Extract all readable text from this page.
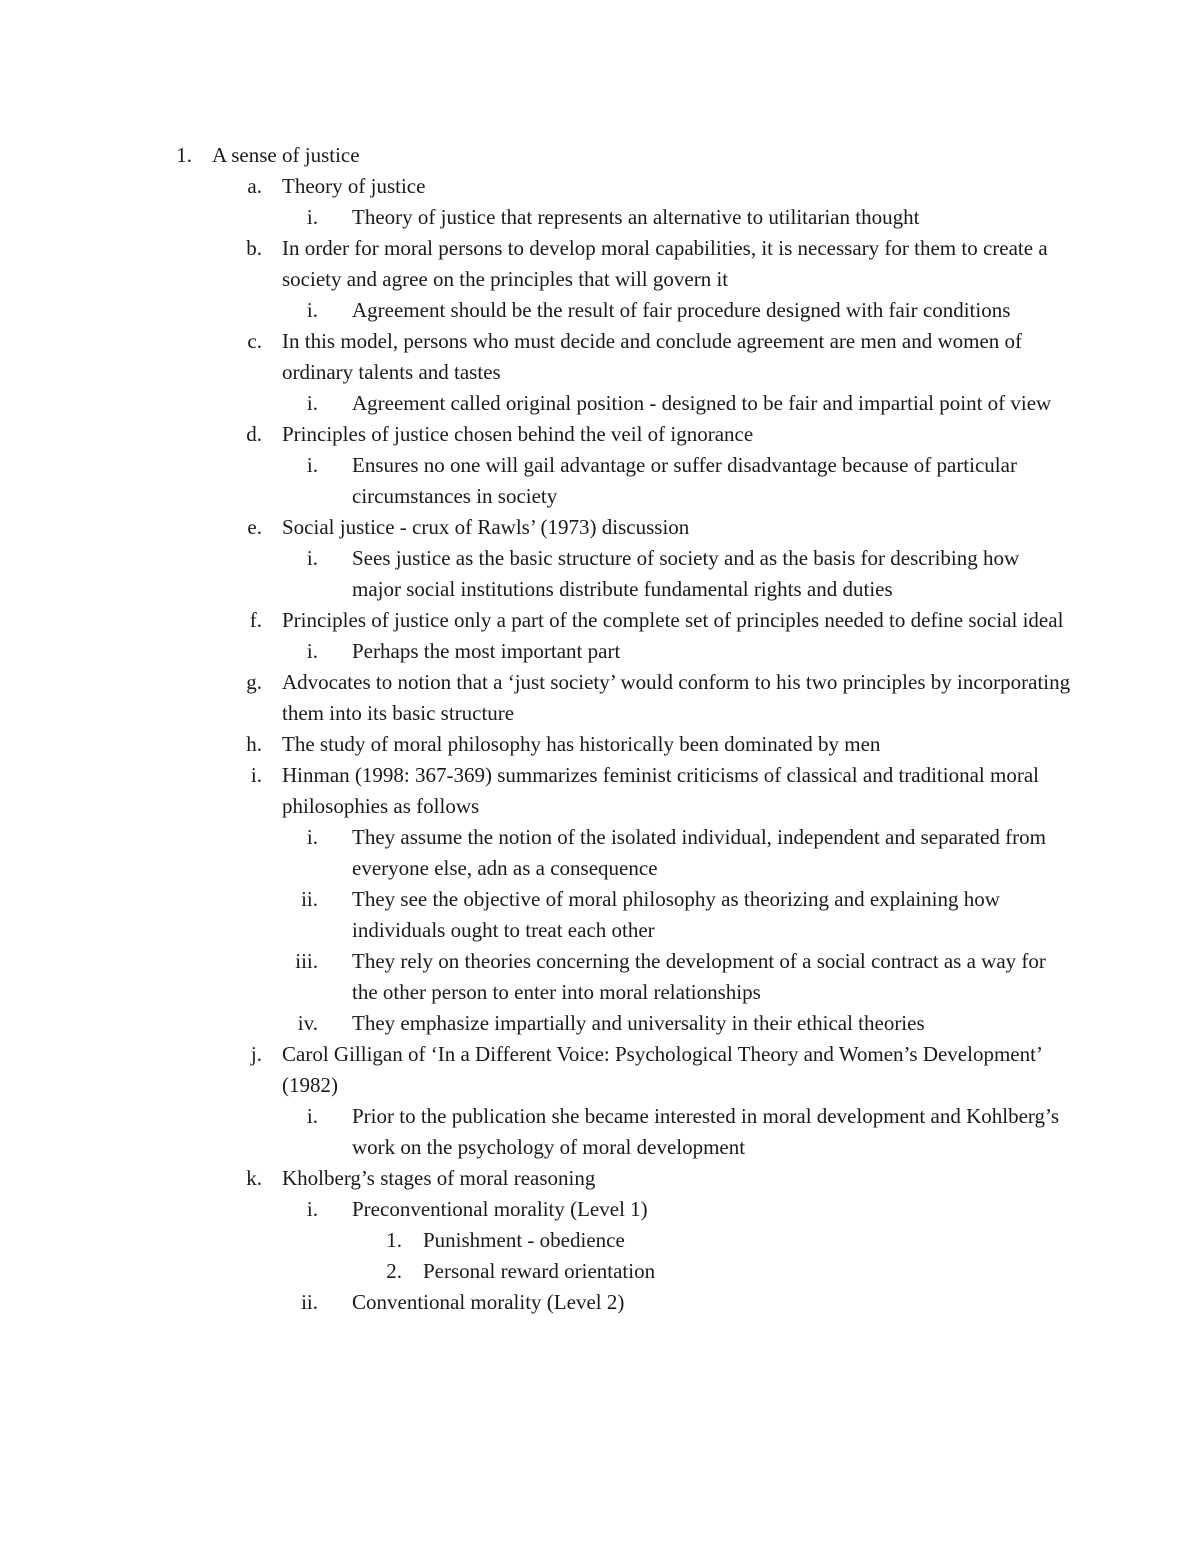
1. A sense of justice
a. Theory of justice
i. Theory of justice that represents an alternative to utilitarian thought
b. In order for moral persons to develop moral capabilities, it is necessary for them to create a society and agree on the principles that will govern it
i. Agreement should be the result of fair procedure designed with fair conditions
c. In this model, persons who must decide and conclude agreement are men and women of ordinary talents and tastes
i. Agreement called original position - designed to be fair and impartial point of view
d. Principles of justice chosen behind the veil of ignorance
i. Ensures no one will gail advantage or suffer disadvantage because of particular circumstances in society
e. Social justice - crux of Rawls’ (1973) discussion
i. Sees justice as the basic structure of society and as the basis for describing how major social institutions distribute fundamental rights and duties
f. Principles of justice only a part of the complete set of principles needed to define social ideal
i. Perhaps the most important part
g. Advocates to notion that a ‘just society’ would conform to his two principles by incorporating them into its basic structure
h. The study of moral philosophy has historically been dominated by men
i. Hinman (1998: 367-369) summarizes feminist criticisms of classical and traditional moral philosophies as follows
i. They assume the notion of the isolated individual, independent and separated from everyone else, adn as a consequence
ii. They see the objective of moral philosophy as theorizing and explaining how individuals ought to treat each other
iii. They rely on theories concerning the development of a social contract as a way for the other person to enter into moral relationships
iv. They emphasize impartially and universality in their ethical theories
j. Carol Gilligan of ‘In a Different Voice: Psychological Theory and Women’s Development’ (1982)
i. Prior to the publication she became interested in moral development and Kohlberg’s work on the psychology of moral development
k. Kholberg’s stages of moral reasoning
i. Preconventional morality (Level 1)
1. Punishment - obedience
2. Personal reward orientation
ii. Conventional morality (Level 2)
